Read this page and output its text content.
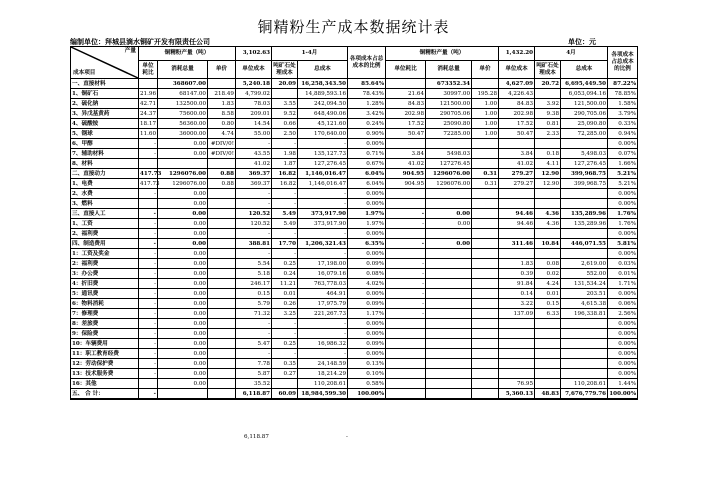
铜精粉生产成本数据统计表
编制单位：拜城县滴水铜矿开发有限责任公司	单位：元
产量
成本项目	铜精粉产量（吨）			3,102.63	1-4月		各项成本占总成本的比例	铜精粉产量（吨）			1,432.20	4月		各项成本占总成本的比例
	单位耗比	消耗总量	单价	单位成本	吨矿石处理成本	总成本		单位耗比	消耗总量	单价	单位成本	吨矿石处理成本	总成本	
一、直接材料		368607.00		5,240.18	20.09	16,258,343.50	85.64%		673352.34		4,627.09	20.72	6,695,449.50	87.22%
1、铜矿石	21.96	68147.00	218.49	4,799.02		14,889,593.16	78.43%	21.64	30997.00	195.28	4,226.43		6,053,094.16	78.85%
2、硫化钠	42.71	132500.00	1.83	78.03	3.55	242,094.50	1.28%	84.83	121500.00	1.00	84.83	3.92	121,500.00	1.58%
3、异戊基黄药	24.37	75600.00	8.58	209.01	9.52	648,490.06	3.42%	202.98	290705.06	1.00	202.98	9.38	290,705.06	3.79%
4、硫酸铵	18.17	56360.00	0.80	14.54	0.66	45,121.60	0.24%	17.52	25090.80	1.00	17.52	0.81	25,090.80	0.33%
5、钢球	11.60	36000.00	4.74	55.00	2.50	170,640.00	0.90%	50.47	72285.00	1.00	50.47	2.33	72,285.00	0.94%
6、甲醇	-	0.00	#DIV/0!	-	-	-	0.00%							0.00%
7、辅助材料	-	0.00	#DIV/0!	43.55	1.98	135,127.73	0.71%	3.84	5498.03		3.84	0.18	5,498.03	0.07%
8、材料				41.02	1.87	127,276.45	0.67%	41.02	127276.45		41.02	4.11	127,276.45	1.66%
二、直接动力	417.73	1296076.00	0.88	369.37	16.82	1,146,016.47	6.04%	904.95	1296076.00	0.31	279.27	12.90	399,968.75	5.21%
1、电费	417.73	1296076.00	0.88	369.37	16.82	1,146,016.47	6.04%	904.95	1296076.00	0.31	279.27	12.90	399,968.75	5.21%
2、水费	-	0.00		-	-	-	0.00%							0.00%
3、燃料		0.00		-	-	-	0.00%							0.00%
三、直接人工	-	0.00		120.52	5.49	373,917.90	1.97%	-	0.00		94.46	4.36	135,289.96	1.76%
1、工资	-	0.00		120.52	5.49	373,917.90	1.97%	-	0.00		94.46	4.36	135,289.96	1.76%
2、福利费	-	0.00		-	-	-	0.00%							0.00%
四、制造费用	-	0.00		388.81	17.70	1,206,321.43	6.35%	-	0.00		311.46	10.84	446,071.55	5.81%
1：工资及奖金	-	0.00		-	-	-	0.00%							0.00%
2：福利费	-	0.00		5.54	0.25	17,198.00	0.09%	-			1.83	0.08	2,619.00	0.03%
3：办公费	-	0.00		5.18	0.24	16,079.16	0.08%	-			0.39	0.02	552.00	0.01%
4：折旧费	-	0.00		246.17	11.21	763,778.03	4.02%	-			91.84	4.24	131,534.24	1.71%
5：通讯费	-	0.00		0.15	0.01	464.91	0.00%	-			0.14	0.01	203.51	0.00%
6：物料消耗	-	0.00		5.79	0.26	17,975.79	0.09%	-			3.22	0.15	4,615.38	0.06%
7：修理费	-	0.00		71.32	3.25	221,267.73	1.17%	-			137.09	6.33	196,338.81	2.56%
8：差旅费	-	0.00		-	-	-	0.00%							0.00%
9：保险费	-	0.00		-	-	-	0.00%							0.00%
10：车辆费用	-	0.00		5.47	0.25	16,986.32	0.09%							0.00%
11：职工教育经费	-	0.00		-	-	-	0.00%							0.00%
12：劳动保护费	-	0.00		7.78	0.35	24,148.59	0.13%							0.00%
13：技术服务费	-	0.00		5.87	0.27	18,214.29	0.10%							0.00%
16：其他		0.00		35.52		110,208.61	0.58%				76.95		110,208.61	1.44%
五、 合 计：	-			6,118.87	60.09	18,984,599.30	100.00%				5,360.13	48.83	7,676,779.76	100.00%
6,118.87	-
